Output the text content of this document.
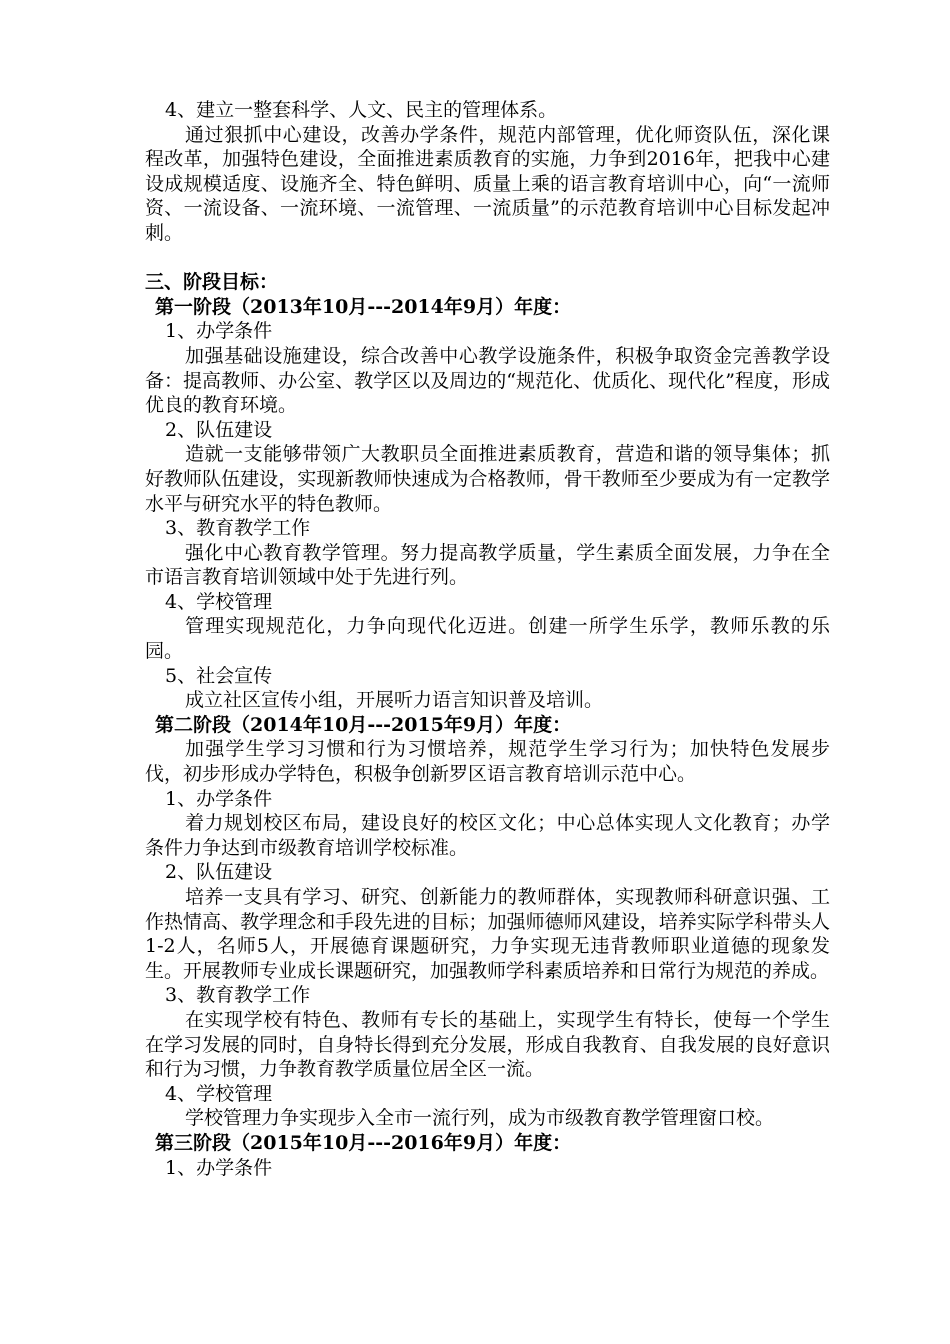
4、建立一整套科学、人文、民主的管理体系。

通过狠抓中心建设，改善办学条件，规范内部管理，优化师资队伍，深化课程改革，加强特色建设，全面推进素质教育的实施，力争到2016年，把我中心建设成规模适度、设施齐全、特色鲜明、质量上乘的语言教育培训中心，向“一流师资、一流设备、一流环境、一流管理、一流质量”的示范教育培训中心目标发起冲刺。

三、阶段目标：

第一阶段（2013年10月---2014年9月）年度：

1、办学条件

加强基础设施建设，综合改善中心教学设施条件，积极争取资金完善教学设备：提高教师、办公室、教学区以及周边的“规范化、优质化、现代化”程度，形成优良的教育环境。

2、队伍建设

造就一支能够带领广大教职员全面推进素质教育，营造和谐的领导集体；抓好教师队伍建设，实现新教师快速成为合格教师，骨干教师至少要成为有一定教学水平与研究水平的特色教师。

3、教育教学工作

强化中心教育教学管理。努力提高教学质量，学生素质全面发展，力争在全市语言教育培训领域中处于先进行列。

4、学校管理

管理实现规范化，力争向现代化迈进。创建一所学生乐学，教师乐教的乐园。

5、社会宣传

成立社区宣传小组，开展听力语言知识普及培训。

第二阶段（2014年10月---2015年9月）年度：

加强学生学习习惯和行为习惯培养，规范学生学习行为；加快特色发展步伐，初步形成办学特色，积极争创新罗区语言教育培训示范中心。

1、办学条件

着力规划校区布局，建设良好的校区文化；中心总体实现人文化教育；办学条件力争达到市级教育培训学校标准。

2、队伍建设

培养一支具有学习、研究、创新能力的教师群体，实现教师科研意识强、工作热情高、教学理念和手段先进的目标；加强师德师风建设，培养实际学科带头人1-2人，名师5人，开展德育课题研究，力争实现无违背教师职业道德的现象发生。开展教师专业成长课题研究，加强教师学科素质培养和日常行为规范的养成。

3、教育教学工作

在实现学校有特色、教师有专长的基础上，实现学生有特长，使每一个学生在学习发展的同时，自身特长得到充分发展，形成自我教育、自我发展的良好意识和行为习惯，力争教育教学质量位居全区一流。

4、学校管理

学校管理力争实现步入全市一流行列，成为市级教育教学管理窗口校。

第三阶段（2015年10月---2016年9月）年度：

1、办学条件
